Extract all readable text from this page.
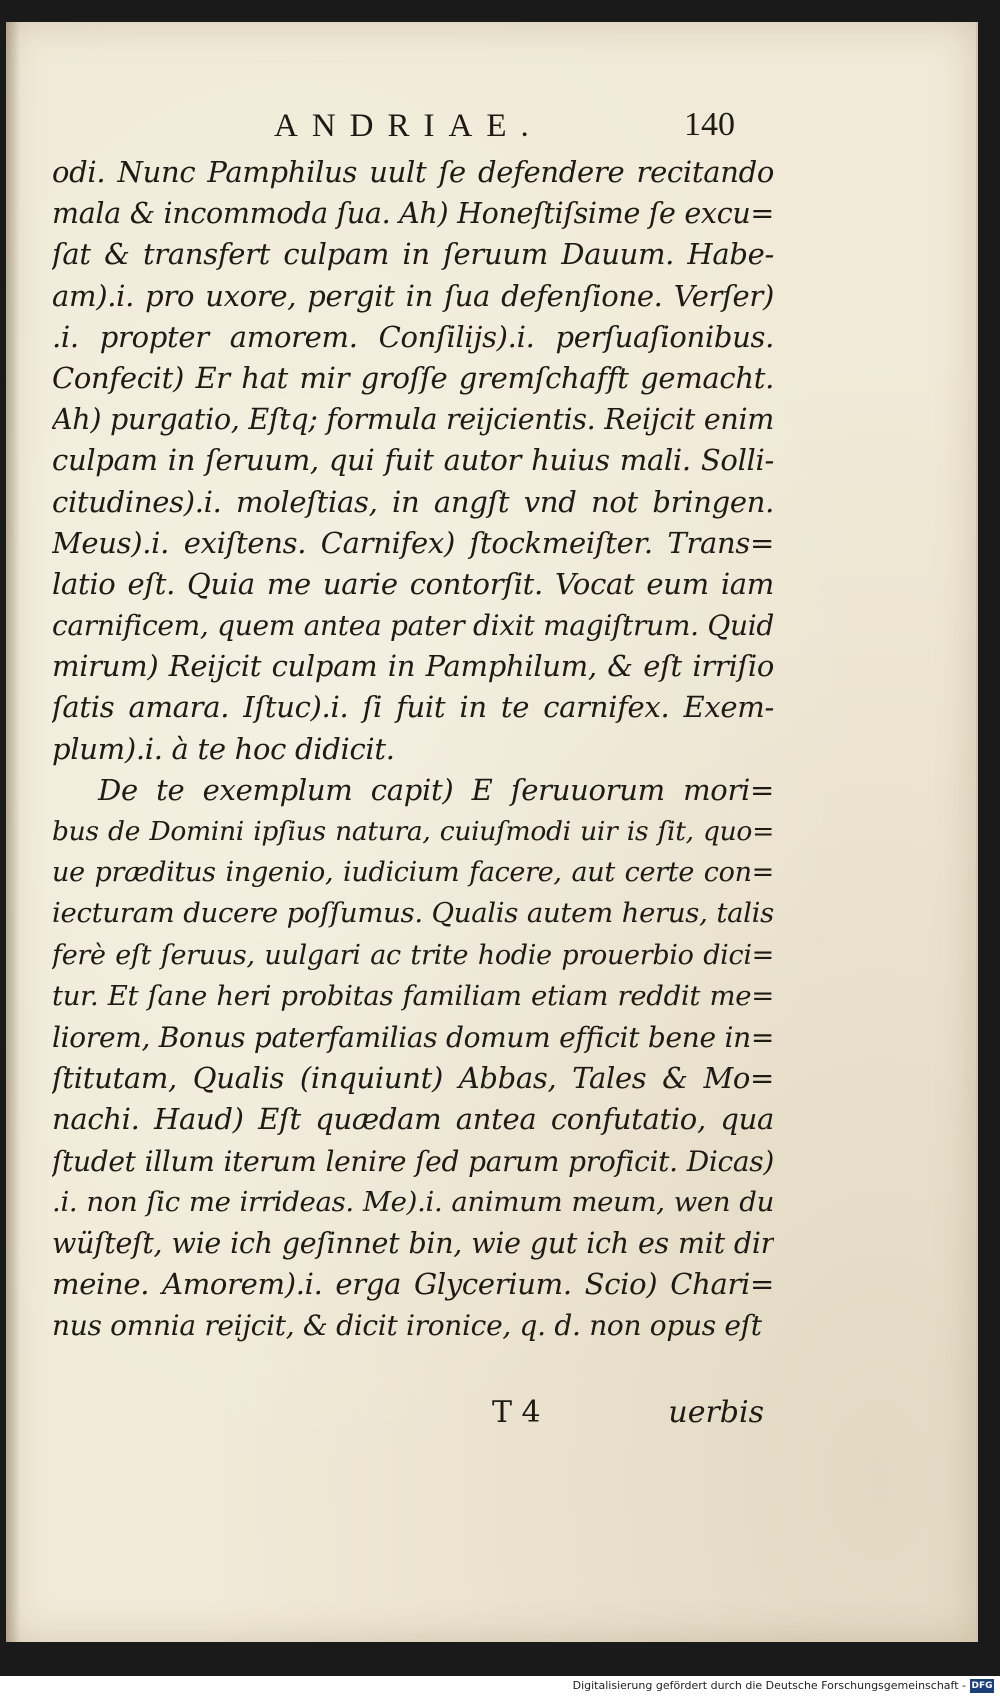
ANDRIAE.	140
odi. Nunc Pamphilus uult ſe defendere recitando
mala & incommoda ſua. Ah) Honeſtiſsime ſe excu=
ſat & transfert culpam in ſeruum Dauum. Habe-
am).i. pro uxore, pergit in ſua defenſione. Verſer)
.i. propter amorem. Conſilijs).i. perſuaſionibus.
Confecit) Er hat mir groſſe gremſchafft gemacht.
Ah) purgatio, Eſtq; formula reijcientis. Reijcit enim
culpam in ſeruum, qui fuit autor huius mali. Solli-
citudines).i. moleſtias, in angſt vnd not bringen.
Meus).i. exiſtens. Carnifex) ſtockmeiſter. Trans=
latio eſt. Quia me uarie contorſit. Vocat eum iam
carnificem, quem antea pater dixit magiſtrum. Quid
mirum) Reijcit culpam in Pamphilum, & eſt irriſio
ſatis amara. Iſtuc).i. ſi fuit in te carnifex. Exem-
plum).i. à te hoc didicit.
De te exemplum capit) E ſeruuorum mori=
bus de Domini ipſius natura, cuiuſmodi uir is ſit, quo=
ue præditus ingenio, iudicium facere, aut certe con=
iecturam ducere poſſumus. Qualis autem herus, talis
ferè eſt ſeruus, uulgari ac trite hodie prouerbio dici=
tur. Et ſane heri probitas familiam etiam reddit me=
liorem, Bonus paterfamilias domum efficit bene in=
ſtitutam, Qualis (inquiunt) Abbas, Tales & Mo=
nachi. Haud) Eſt quædam antea confutatio, qua
ſtudet illum iterum lenire ſed parum proficit. Dicas)
.i. non ſic me irrideas. Me).i. animum meum, wen du
wüſteſt, wie ich geſinnet bin, wie gut ich es mit dir
meine. Amorem).i. erga Glycerium. Scio) Chari=
nus omnia reijcit, & dicit ironice, q. d. non opus eſt
T 4	uerbis
Digitalisierung gefördert durch die Deutsche Forschungsgemeinschaft - DFG
